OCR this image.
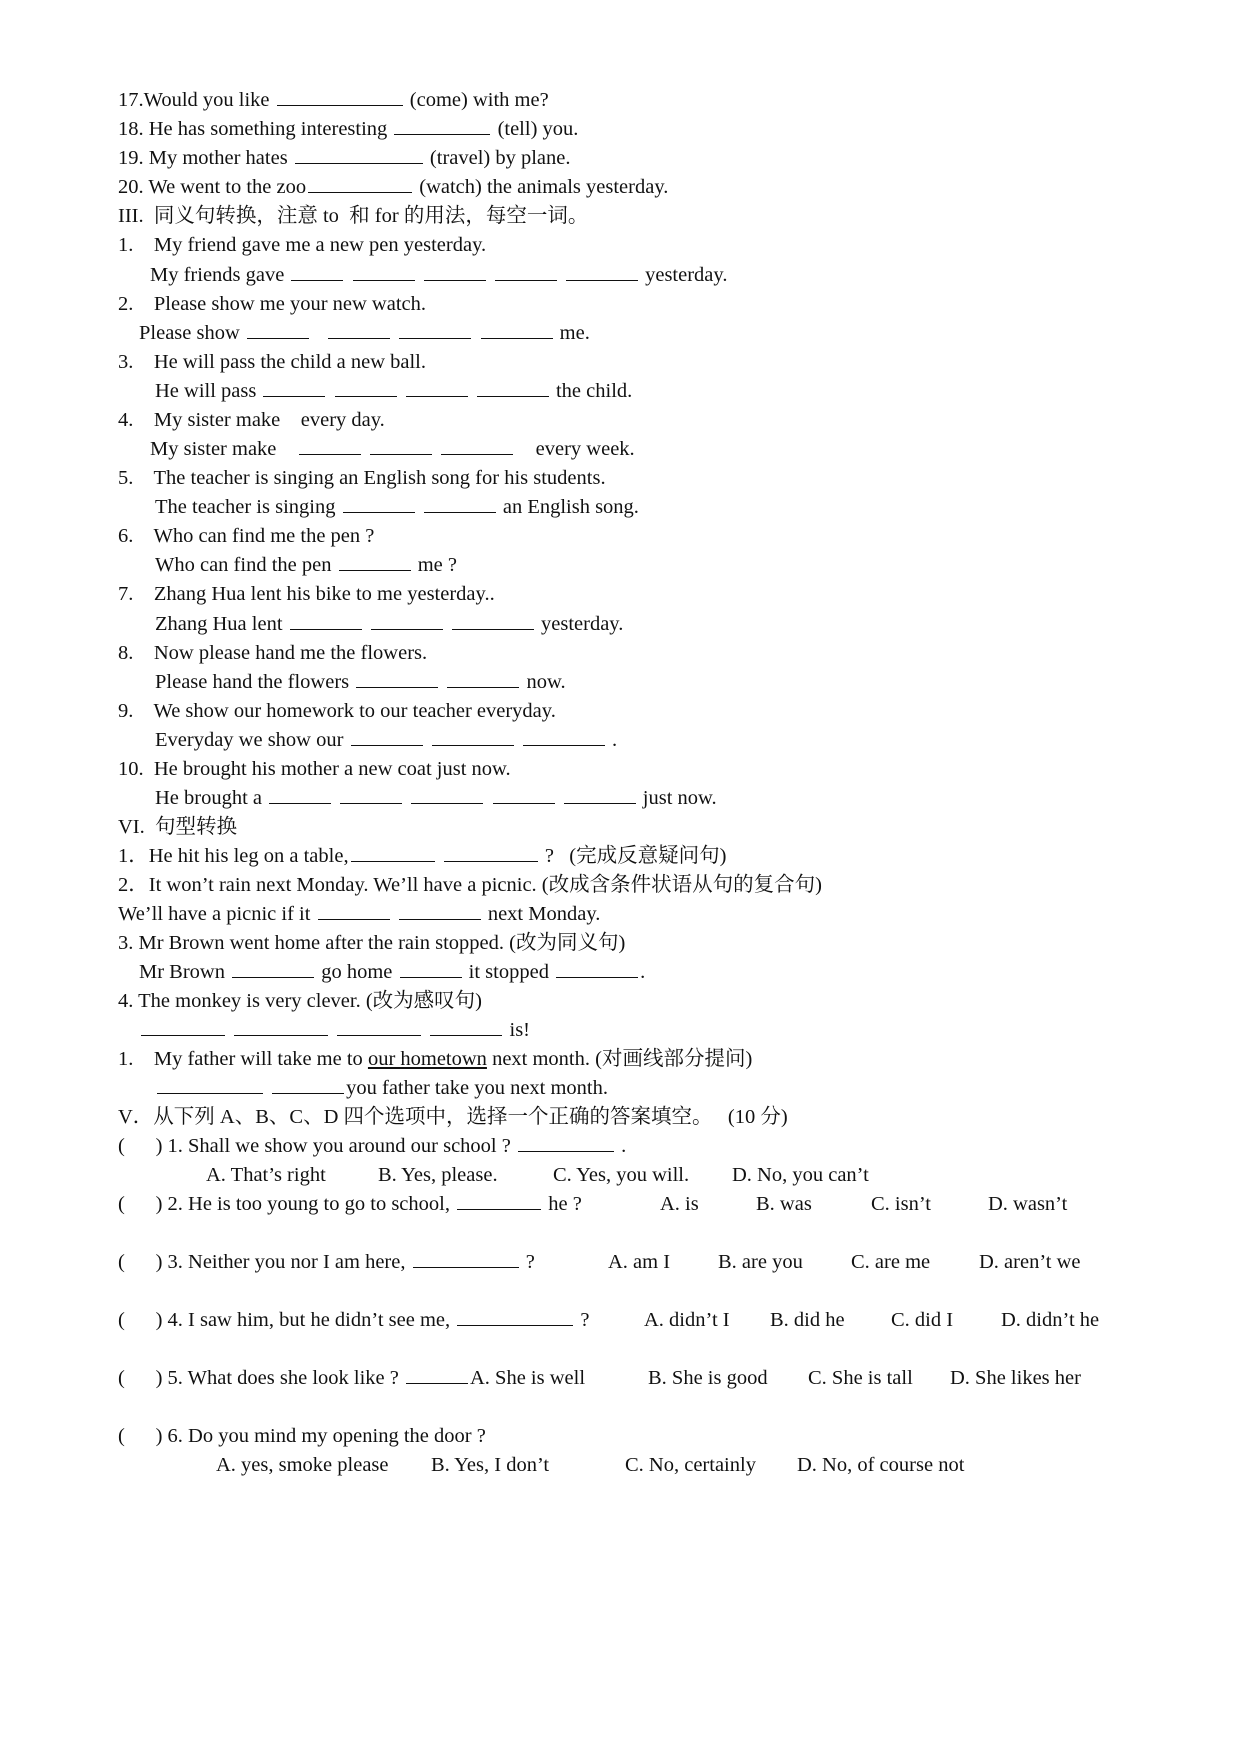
17.Would you like	(come) with me?
18. He has something interesting	(tell) you.
19. My mother hates	(travel) by plane.
20. We went to the zoo	(watch) the animals yesterday.
III.  同义句转换，注意 to  和 for 的用法，每空一词。
1.    My friend gave me a new pen yesterday.
My friends gave	yesterday.
2.    Please show me your new watch.
Please show	me.
3.    He will pass the child a new ball.
He will pass	the child.
4.    My sister make    every day.
My sister make	every week.
5.    The teacher is singing an English song for his students.
The teacher is singing	an English song.
6.    Who can find me the pen ?
Who can find the pen	me ?
7.    Zhang Hua lent his bike to me yesterday..
Zhang Hua lent	yesterday.
8.    Now please hand me the flowers.
Please hand the flowers	now.
9.    We show our homework to our teacher everyday.
Everyday we show our	.
10.  He brought his mother a new coat just now.
He brought a	just now.
VI.  句型转换
1．He hit his leg on a table,	?   (完成反意疑问句)
2．It won’t rain next Monday. We’ll have a picnic. (改成含条件状语从句的复合句)
We’ll have a picnic if it	next Monday.
3. Mr Brown went home after the rain stopped. (改为同义句)
Mr Brown	go home	it stopped	.
4. The monkey is very clever. (改为感叹句)
is!
1.    My father will take me to our hometown next month. (对画线部分提问)
you father take you next month.
V．从下列 A、B、C、D 四个选项中，选择一个正确的答案填空。   (10 分)
(      ) 1. Shall we show you around our school ?	.
A. That’s right	B. Yes, please.	C. Yes, you will. D. No, you can’t
(      ) 2. He is too young to go to school,	he ?	A. is	B. was	C. isn’t	D. wasn’t
(      ) 3. Neither you nor I am here,	?	A. am I B. are you C. are me D. aren’t we
(      ) 4. I saw him, but he didn’t see me,	?	A. didn’t I B. did he C. did I D. didn’t he
(      ) 5. What does she look like ?	A. She is well	B. She is good C. She is tall D. She likes her
(      ) 6. Do you mind my opening the door ?
A. yes, smoke please B. Yes, I don’t	C. No, certainly D. No, of course not
